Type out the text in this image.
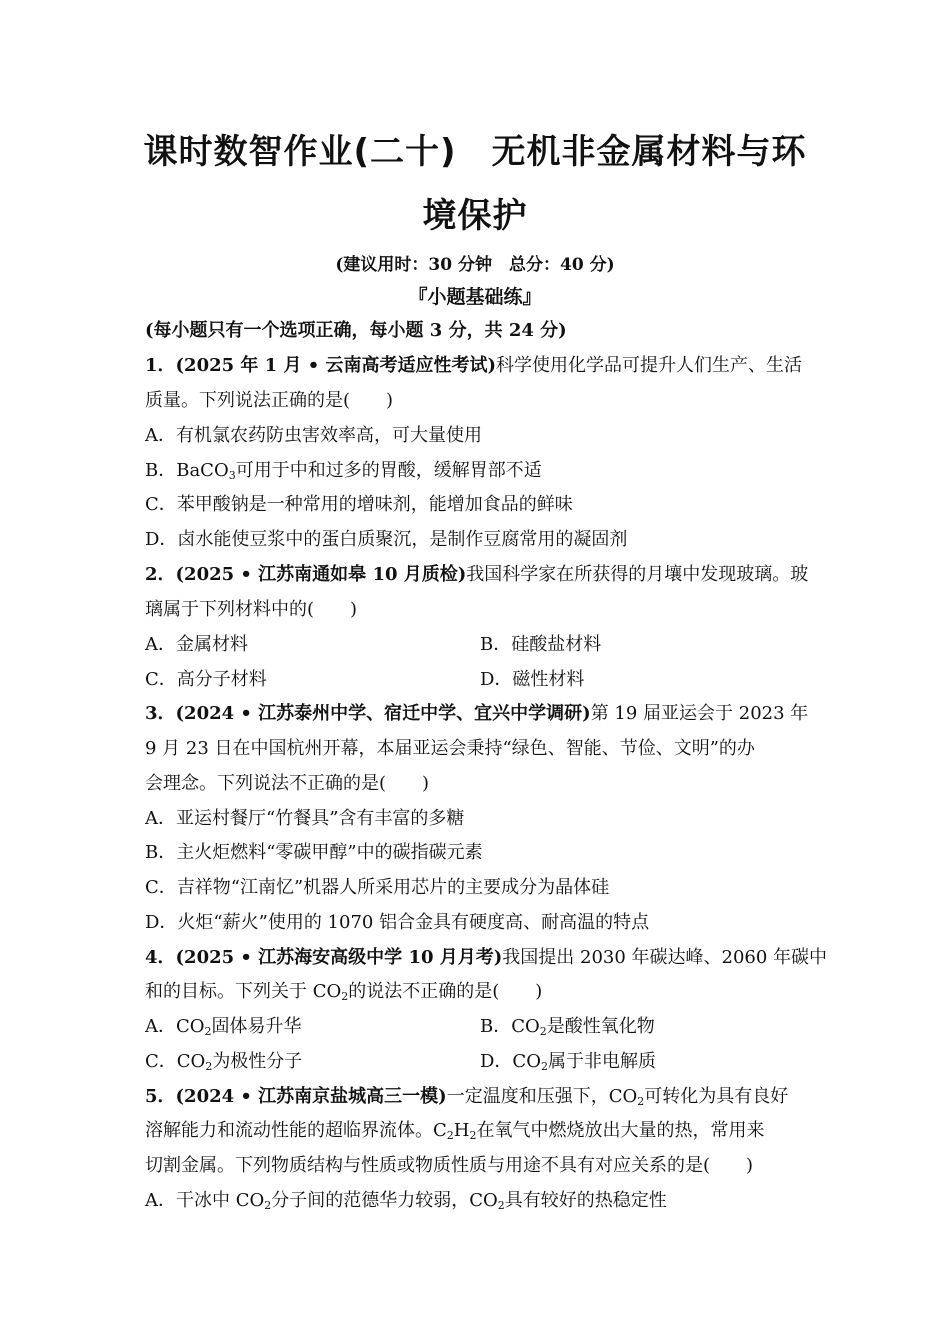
课时数智作业(二十)　无机非金属材料与环
境保护
(建议用时：30 分钟　总分：40 分)
『小题基础练』
(每小题只有一个选项正确，每小题 3 分，共 24 分)
1．(2025 年 1 月 • 云南高考适应性考试)科学使用化学品可提升人们生产、生活
质量。下列说法正确的是(　　)
A．有机氯农药防虫害效率高，可大量使用
B．BaCO$_3$可用于中和过多的胃酸，缓解胃部不适
C．苯甲酸钠是一种常用的增味剂，能增加食品的鲜味
D．卤水能使豆浆中的蛋白质聚沉，是制作豆腐常用的凝固剂
2．(2025 • 江苏南通如皋 10 月质检)我国科学家在所获得的月壤中发现玻璃。玻
璃属于下列材料中的(　　)
A．金属材料	B．硅酸盐材料
C．高分子材料	D．磁性材料
3．(2024 • 江苏泰州中学、宿迁中学、宜兴中学调研)第 19 届亚运会于 2023 年
9 月 23 日在中国杭州开幕，本届亚运会秉持“绿色、智能、节俭、文明”的办
会理念。下列说法不正确的是(　　)
A．亚运村餐厅“竹餐具”含有丰富的多糖
B．主火炬燃料“零碳甲醇”中的碳指碳元素
C．吉祥物“江南忆”机器人所采用芯片的主要成分为晶体硅
D．火炬“薪火”使用的 1070 铝合金具有硬度高、耐高温的特点
4．(2025 • 江苏海安高级中学 10 月月考)我国提出 2030 年碳达峰、2060 年碳中
和的目标。下列关于 $CO_2$的说法不正确的是(　　)
A．$CO_2$固体易升华	B．$CO_2$是酸性氧化物
C．$CO_2$为极性分子	D．$CO_2$属于非电解质
5．(2024 • 江苏南京盐城高三一模)一定温度和压强下，$CO_2$可转化为具有良好
溶解能力和流动性能的超临界流体。$C_2H_2$在氧气中燃烧放出大量的热，常用来
切割金属。下列物质结构与性质或物质性质与用途不具有对应关系的是(　　)
A．干冰中 $CO_2$分子间的范德华力较弱，$CO_2$具有较好的热稳定性
